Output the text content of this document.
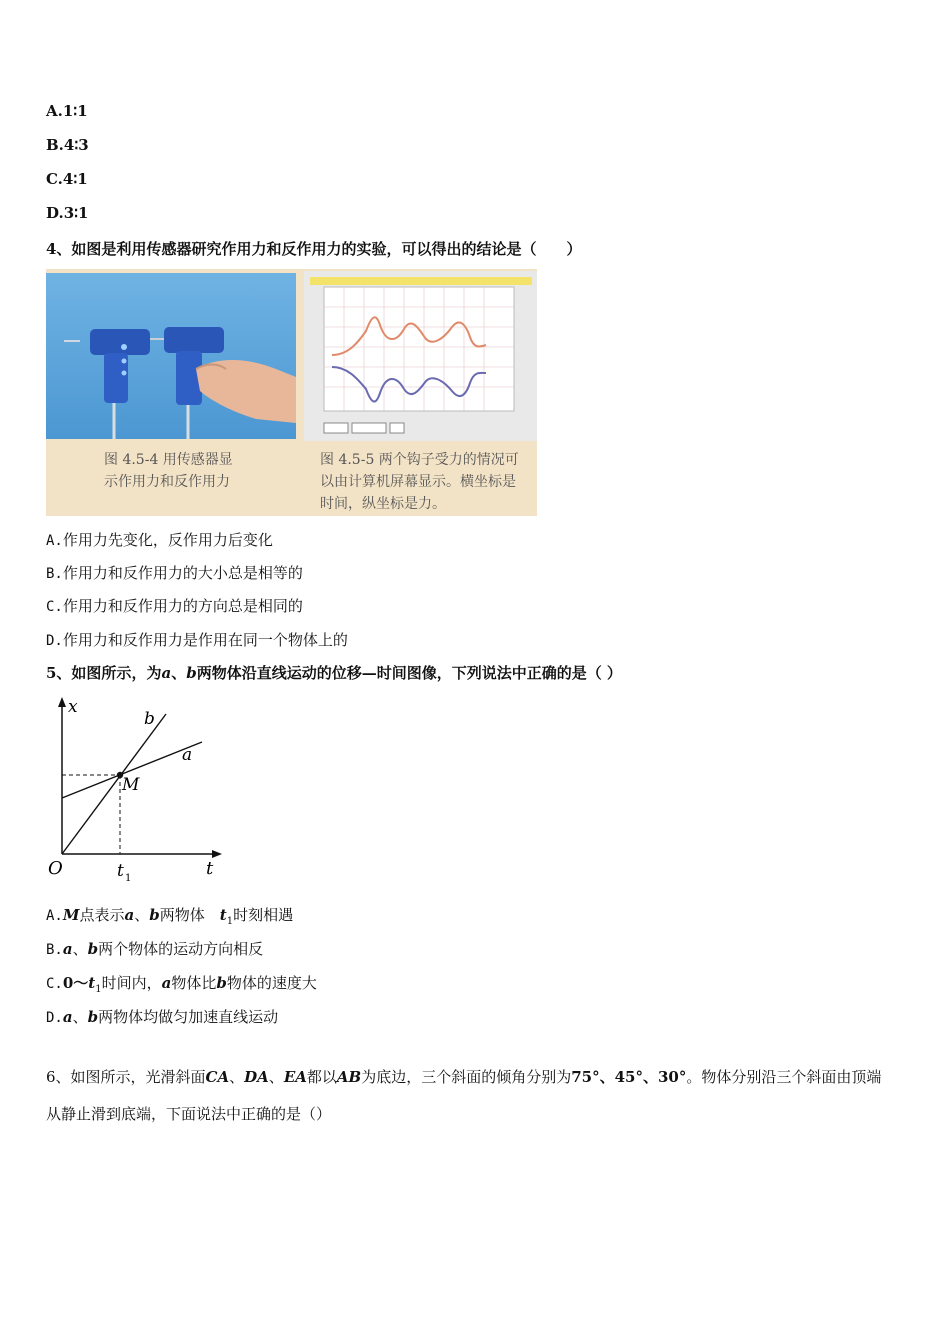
A.1∶1
B.4∶3
C.4∶1
D.3∶1
4、如图是利用传感器研究作用力和反作用力的实验，可以得出的结论是（　　）
图 4.5-4 用传感器显
示作用力和反作用力
图 4.5-5 两个钩子受力的情况可
以由计算机屏幕显示。横坐标是
时间，纵坐标是力。
A.作用力先变化，反作用力后变化
B.作用力和反作用力的大小总是相等的
C.作用力和反作用力的方向总是相同的
D.作用力和反作用力是作用在同一个物体上的
5、如图所示，为a、b两物体沿直线运动的位移—时间图像，下列说法中正确的是（ ）
x
b
a
M
O	t
t 1
A.M点表示a、b两物体　$t_1$时刻相遇
B.a、b两个物体的运动方向相反
$C.0\sim t_1$时间内，a物体比b物体的速度大
D.a、b两物体均做匀加速直线运动
6、如图所示，光滑斜面CA、DA、EA都以AB为底边，三个斜面的倾角分别为75°、45°、30°。物体分别沿三个斜面由顶端
从静止滑到底端，下面说法中正确的是（）
